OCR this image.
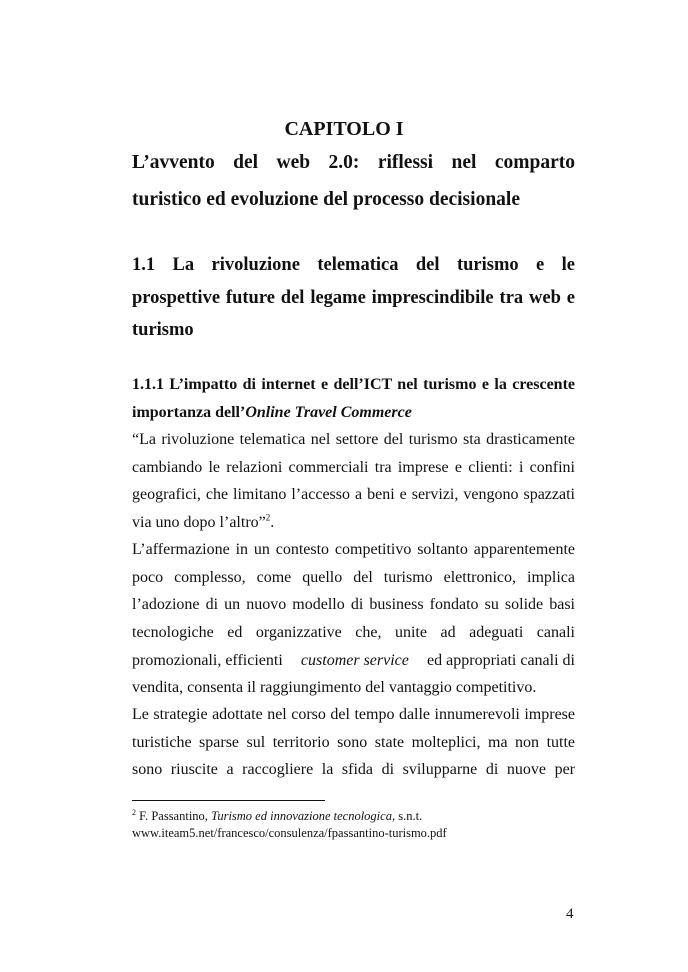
CAPITOLO I
L’avvento del web 2.0: riflessi nel comparto
turistico ed evoluzione del processo decisionale
1.1 La rivoluzione telematica del turismo e le
prospettive future del legame imprescindibile tra web e
turismo
1.1.1 L’impatto di internet e dell’ICT nel turismo e la crescente
importanza dell’Online Travel Commerce
“La rivoluzione telematica nel settore del turismo sta drasticamente
cambiando le relazioni commerciali tra imprese e clienti: i confini
geografici, che limitano l’accesso a beni e servizi, vengono spazzati
via uno dopo l’altro”$^2$.
L’affermazione in un contesto competitivo soltanto apparentemente
poco complesso, come quello del turismo elettronico, implica
l’adozione di un nuovo modello di business fondato su solide basi
tecnologiche ed organizzative che, unite ad adeguati canali
promozionali, efficienti customer service ed appropriati canali di
vendita, consenta il raggiungimento del vantaggio competitivo.
Le strategie adottate nel corso del tempo dalle innumerevoli imprese
turistiche sparse sul territorio sono state molteplici, ma non tutte
sono riuscite a raccogliere la sfida di svilupparne di nuove per
$^2$ F. Passantino, Turismo ed innovazione tecnologica, s.n.t.
www.iteam5.net/francesco/consulenza/fpassantino-turismo.pdf
4
